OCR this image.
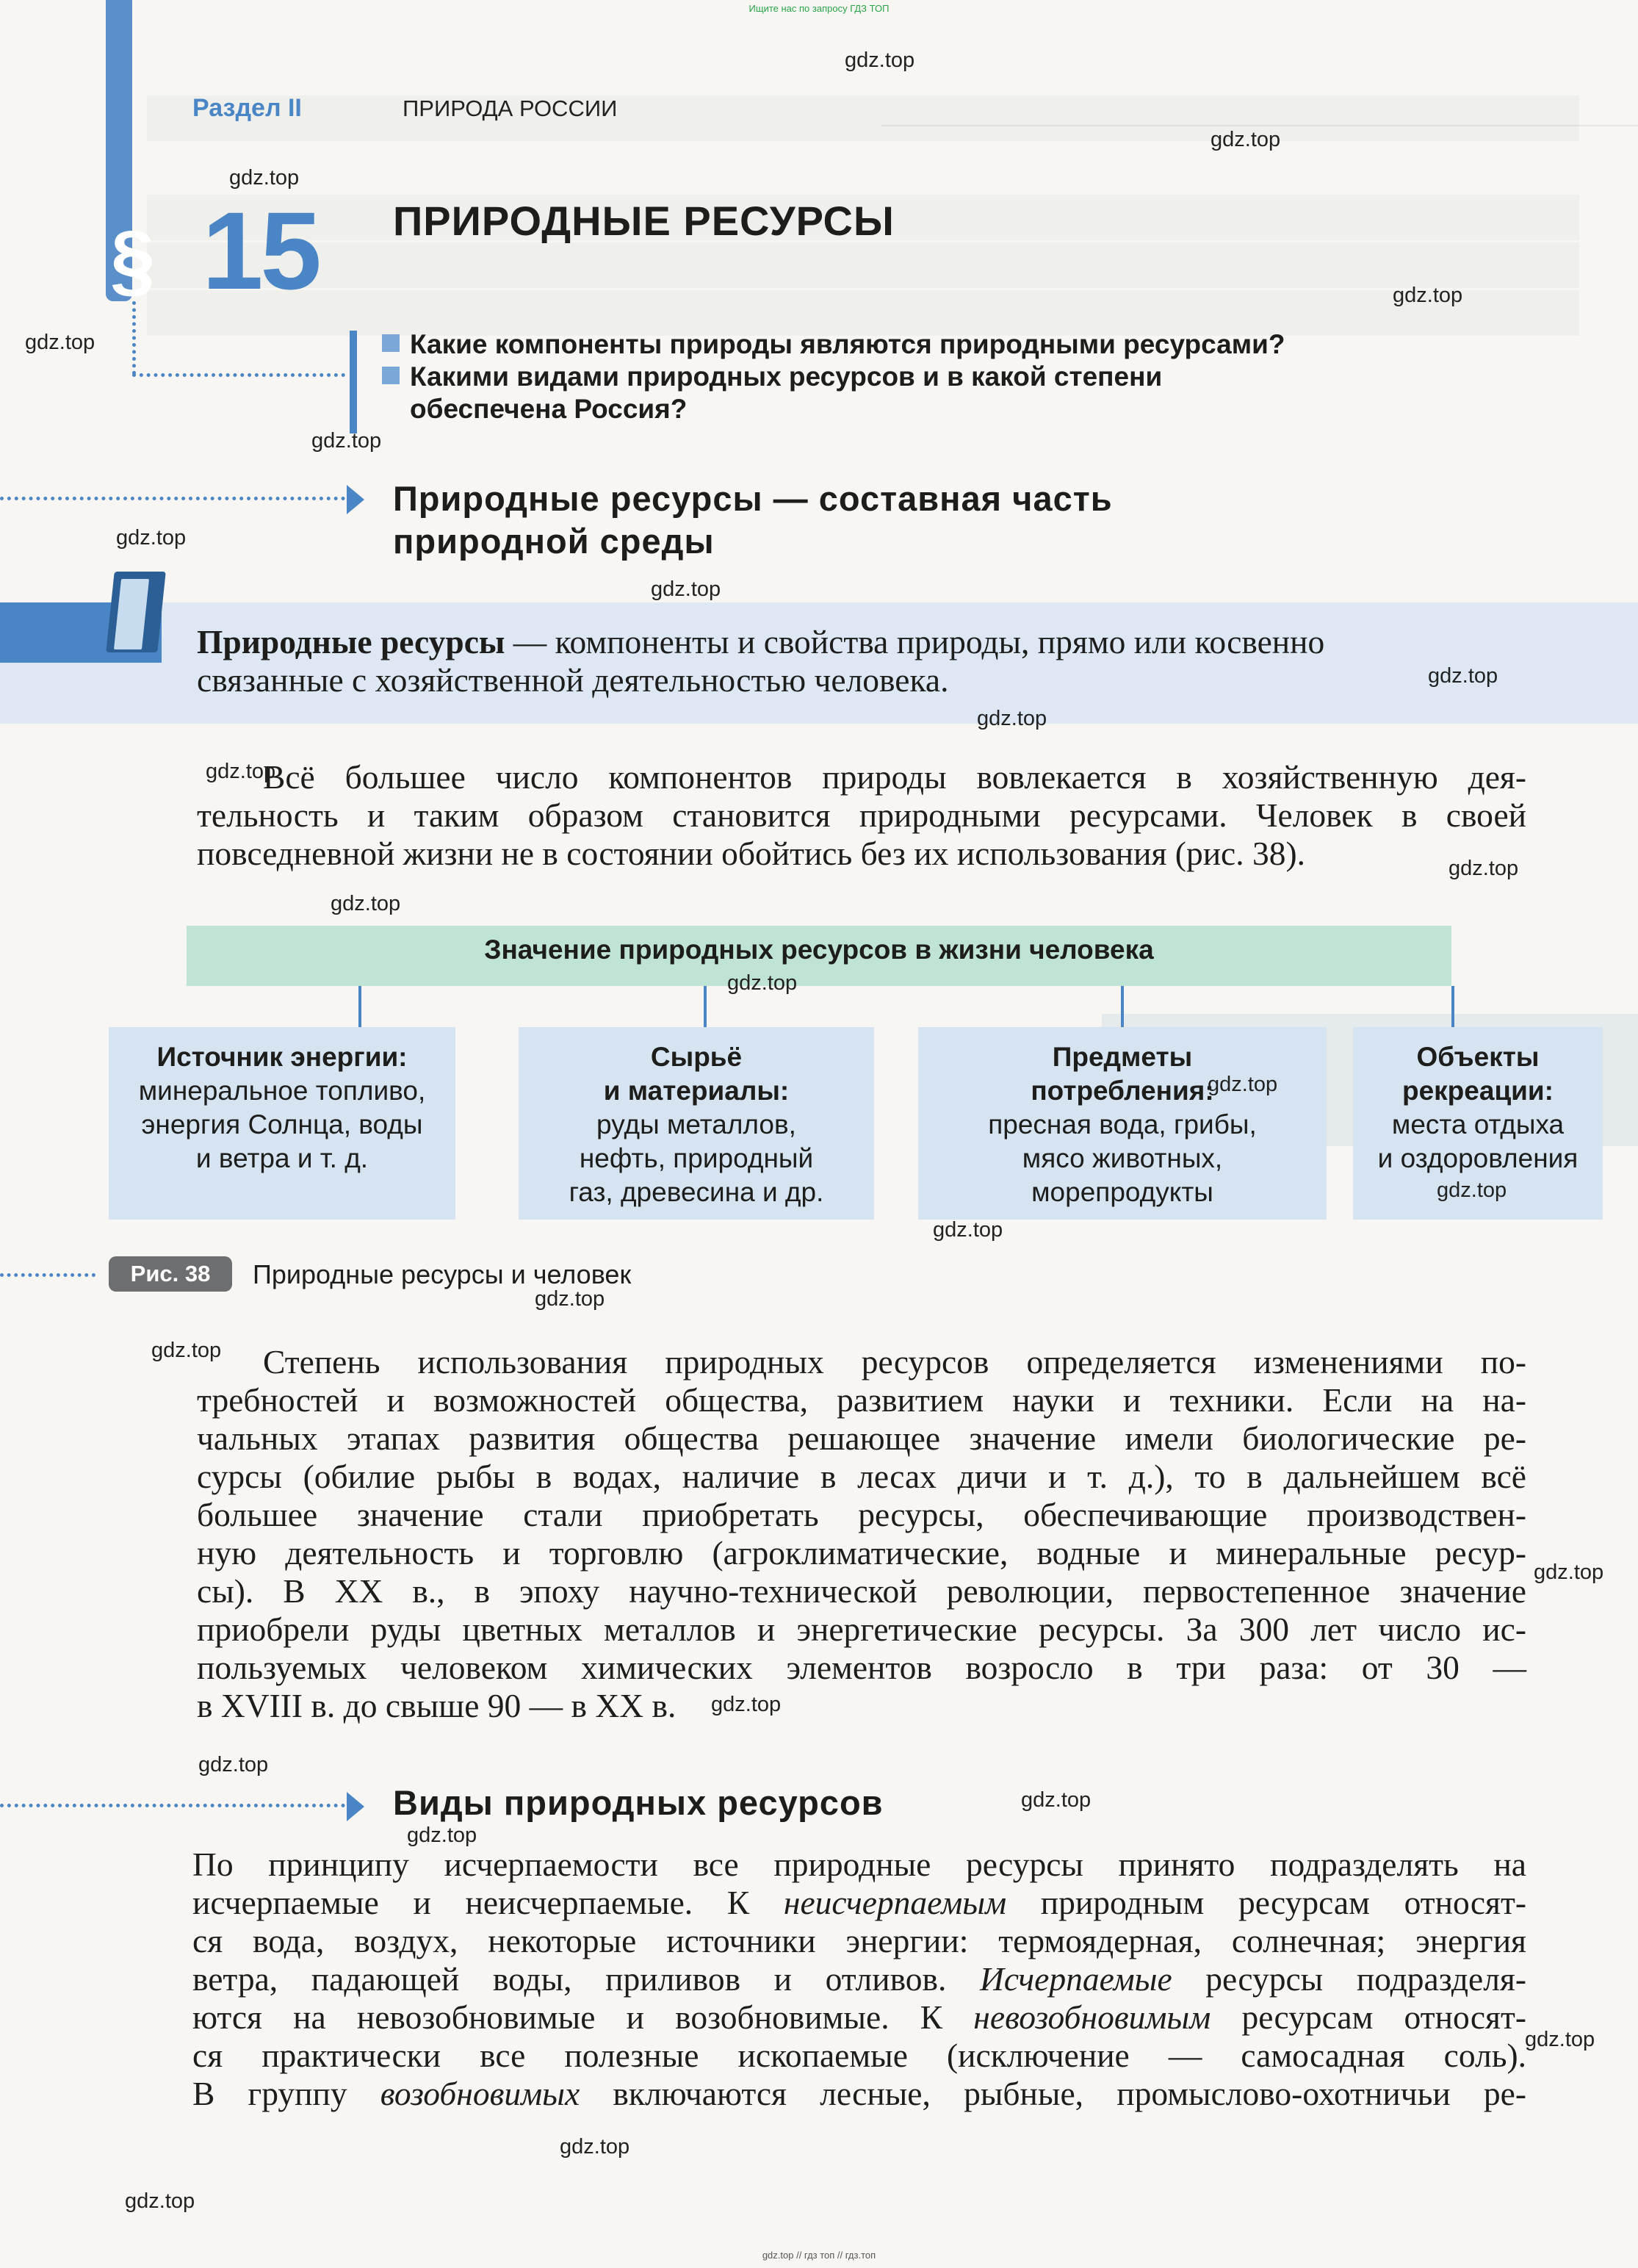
Ищите нас по запросу ГДЗ ТОП
Раздел II	ПРИРОДА РОССИИ
§ 15 ПРИРОДНЫЕ РЕСУРСЫ
Какие компоненты природы являются природными ресурсами?
Какими видами природных ресурсов и в какой степени
обеспечена Россия?
Природные ресурсы — составная часть
природной среды
Природные ресурсы — компоненты и свойства природы, прямо или косвенно
связанные с хозяйственной деятельностью человека.
Всё большее число компонентов природы вовлекается в хозяйственную дея-
тельность и таким образом становится природными ресурсами. Человек в своей
повседневной жизни не в состоянии обойтись без их использования (рис. 38).
Значение природных ресурсов в жизни человека
Источник энергии:
минеральное топливо,
энергия Солнца, воды
и ветра и т. д.
Сырьё
и материалы:
руды металлов,
нефть, природный
газ, древесина и др.
Предметы
потребления:
пресная вода, грибы,
мясо животных,
морепродукты
Объекты
рекреации:
места отдыха
и оздоровления
Рис. 38	Природные ресурсы и человек
Степень использования природных ресурсов определяется изменениями по-
требностей и возможностей общества, развитием науки и техники. Если на на-
чальных этапах развития общества решающее значение имели биологические ре-
сурсы (обилие рыбы в водах, наличие в лесах дичи и т. д.), то в дальнейшем всё
большее значение стали приобретать ресурсы, обеспечивающие производствен-
ную деятельность и торговлю (агроклиматические, водные и минеральные ресур-
сы). В XX в., в эпоху научно-технической революции, первостепенное значение
приобрели руды цветных металлов и энергетические ресурсы. За 300 лет число ис-
пользуемых человеком химических элементов возросло в три раза: от 30 —
в XVIII в. до свыше 90 — в XX в.
Виды природных ресурсов
По принципу исчерпаемости все природные ресурсы принято подразделять на
исчерпаемые и неисчерпаемые. К неисчерпаемым природным ресурсам относят-
ся вода, воздух, некоторые источники энергии: термоядерная, солнечная; энергия
ветра, падающей воды, приливов и отливов. Исчерпаемые ресурсы подразделя-
ются на невозобновимые и возобновимые. К невозобновимым ресурсам относят-
ся практически все полезные ископаемые (исключение — самосадная соль).
В группу возобновимых включаются лесные, рыбные, промыслово-охотничьи ре-
gdz.top
gdz.top
gdz.top
gdz.top
gdz.top
gdz.top
gdz.top
gdz.top
gdz.top
gdz.top
gdz.top
gdz.top
gdz.top
gdz.top
gdz.top
gdz.top
gdz.top
gdz.top
gdz.top
gdz.top
gdz.top
gdz.top
gdz.top
gdz.top
gdz.top
gdz.top
gdz.top
gdz.top // гдз топ // гдз.топ
